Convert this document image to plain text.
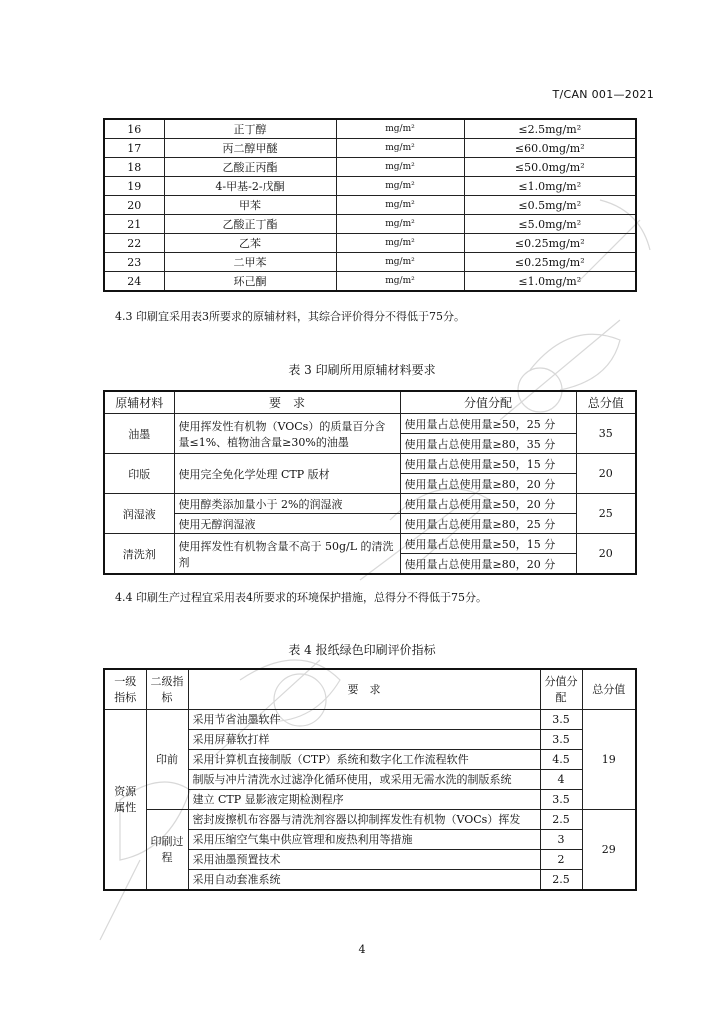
T/CAN 001—2021
16	正丁醇	mg/m²	≤2.5mg/m²
17	丙二醇甲醚	mg/m²	≤60.0mg/m²
18	乙酸正丙酯	mg/m²	≤50.0mg/m²
19	4-甲基-2-戊酮	mg/m²	≤1.0mg/m²
20	甲苯	mg/m²	≤0.5mg/m²
21	乙酸正丁酯	mg/m²	≤5.0mg/m²
22	乙苯	mg/m²	≤0.25mg/m²
23	二甲苯	mg/m²	≤0.25mg/m²
24	环己酮	mg/m²	≤1.0mg/m²
4.3 印刷宜采用表3所要求的原辅材料，其综合评价得分不得低于75分。
表 3 印刷所用原辅材料要求
原辅材料	要　求	分值分配	总分值
油墨	使用挥发性有机物（VOCs）的质量百分含量≤1%、植物油含量≥30%的油墨	使用量占总使用量≥50，25 分	35
		使用量占总使用量≥80，35 分	
印版	使用完全免化学处理 CTP 版材	使用量占总使用量≥50，15 分	20
		使用量占总使用量≥80，20 分	
润湿液	使用醇类添加量小于 2%的润湿液	使用量占总使用量≥50，20 分	25
	使用无醇润湿液	使用量占总使用量≥80，25 分	
清洗剂	使用挥发性有机物含量不高于 50g/L 的清洗剂	使用量占总使用量≥50，15 分	20
		使用量占总使用量≥80，20 分	
4.4 印刷生产过程宜采用表4所要求的环境保护措施，总得分不得低于75分。
表 4 报纸绿色印刷评价指标
一级指标	二级指标	要　求	分值分配	总分值
资源属性	印前	采用节省油墨软件	3.5	19
		采用屏幕软打样	3.5	
		采用计算机直接制版（CTP）系统和数字化工作流程软件	4.5	
		制版与冲片清洗水过滤净化循环使用，或采用无需水洗的制版系统	4	
		建立 CTP 显影液定期检测程序	3.5	
	印刷过程	密封废擦机布容器与清洗剂容器以抑制挥发性有机物（VOCs）挥发	2.5	29
		采用压缩空气集中供应管理和废热利用等措施	3	
		采用油墨预置技术	2	
		采用自动套准系统	2.5	
4
